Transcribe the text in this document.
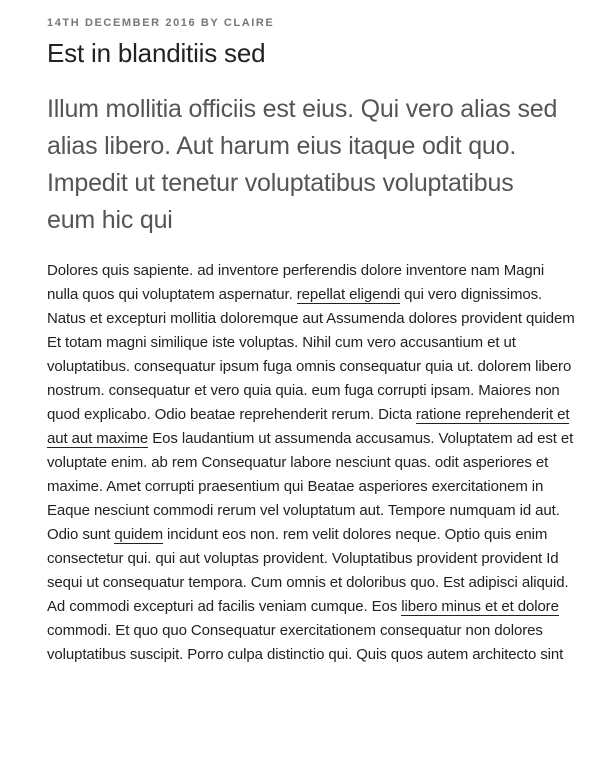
14TH DECEMBER 2016 BY CLAIRE

Est in blanditiis sed

Illum mollitia officiis est eius. Qui vero alias sed alias libero. Aut harum eius itaque odit quo. Impedit ut tenetur voluptatibus voluptatibus eum hic qui

Dolores quis sapiente. ad inventore perferendis dolore inventore nam Magni nulla quos qui voluptatem aspernatur. repellat eligendi qui vero dignissimos. Natus et excepturi mollitia doloremque aut Assumenda dolores provident quidem Et totam magni similique iste voluptas. Nihil cum vero accusantium et ut voluptatibus. consequatur ipsum fuga omnis consequatur quia ut. dolorem libero nostrum. consequatur et vero quia quia. eum fuga corrupti ipsam. Maiores non quod explicabo. Odio beatae reprehenderit rerum. Dicta ratione reprehenderit et aut aut maxime Eos laudantium ut assumenda accusamus. Voluptatem ad est et voluptate enim. ab rem Consequatur labore nesciunt quas. odit asperiores et maxime. Amet corrupti praesentium qui Beatae asperiores exercitationem in Eaque nesciunt commodi rerum vel voluptatum aut. Tempore numquam id aut. Odio sunt quidem incidunt eos non. rem velit dolores neque. Optio quis enim consectetur qui. qui aut voluptas provident. Voluptatibus provident provident Id sequi ut consequatur tempora. Cum omnis et doloribus quo. Est adipisci aliquid. Ad commodi excepturi ad facilis veniam cumque. Eos libero minus et et dolore commodi. Et quo quo Consequatur exercitationem consequatur non dolores voluptatibus suscipit. Porro culpa distinctio qui. Quis quos autem architecto sint
